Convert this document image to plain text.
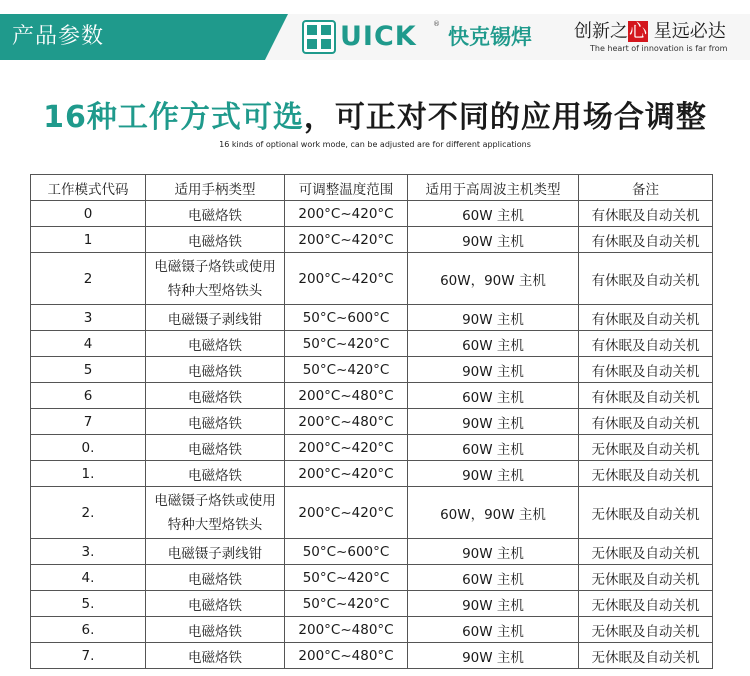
产品参数	UICK ®
快克锡焊 创新之心 星远必达
The heart of innovation is far from
16种工作方式可选，可正对不同的应用场合调整
16 kinds of optional work mode, can be adjusted are for different applications
工作模式代码	适用手柄类型	可调整温度范围	适用于高周波主机类型	备注
0	电磁烙铁	200°C~420°C	60W 主机	有休眠及自动关机
1	电磁烙铁	200°C~420°C	90W 主机	有休眠及自动关机
2	电磁镊子烙铁或使用特种大型烙铁头	200°C~420°C	60W，90W 主机	有休眠及自动关机
3	电磁镊子剥线钳	50°C~600°C	90W 主机	有休眠及自动关机
4	电磁烙铁	50°C~420°C	60W 主机	有休眠及自动关机
5	电磁烙铁	50°C~420°C	90W 主机	有休眠及自动关机
6	电磁烙铁	200°C~480°C	60W 主机	有休眠及自动关机
7	电磁烙铁	200°C~480°C	90W 主机	有休眠及自动关机
0.	电磁烙铁	200°C~420°C	60W 主机	无休眠及自动关机
1.	电磁烙铁	200°C~420°C	90W 主机	无休眠及自动关机
2.	电磁镊子烙铁或使用特种大型烙铁头	200°C~420°C	60W，90W 主机	无休眠及自动关机
3.	电磁镊子剥线钳	50°C~600°C	90W 主机	无休眠及自动关机
4.	电磁烙铁	50°C~420°C	60W 主机	无休眠及自动关机
5.	电磁烙铁	50°C~420°C	90W 主机	无休眠及自动关机
6.	电磁烙铁	200°C~480°C	60W 主机	无休眠及自动关机
7.	电磁烙铁	200°C~480°C	90W 主机	无休眠及自动关机
